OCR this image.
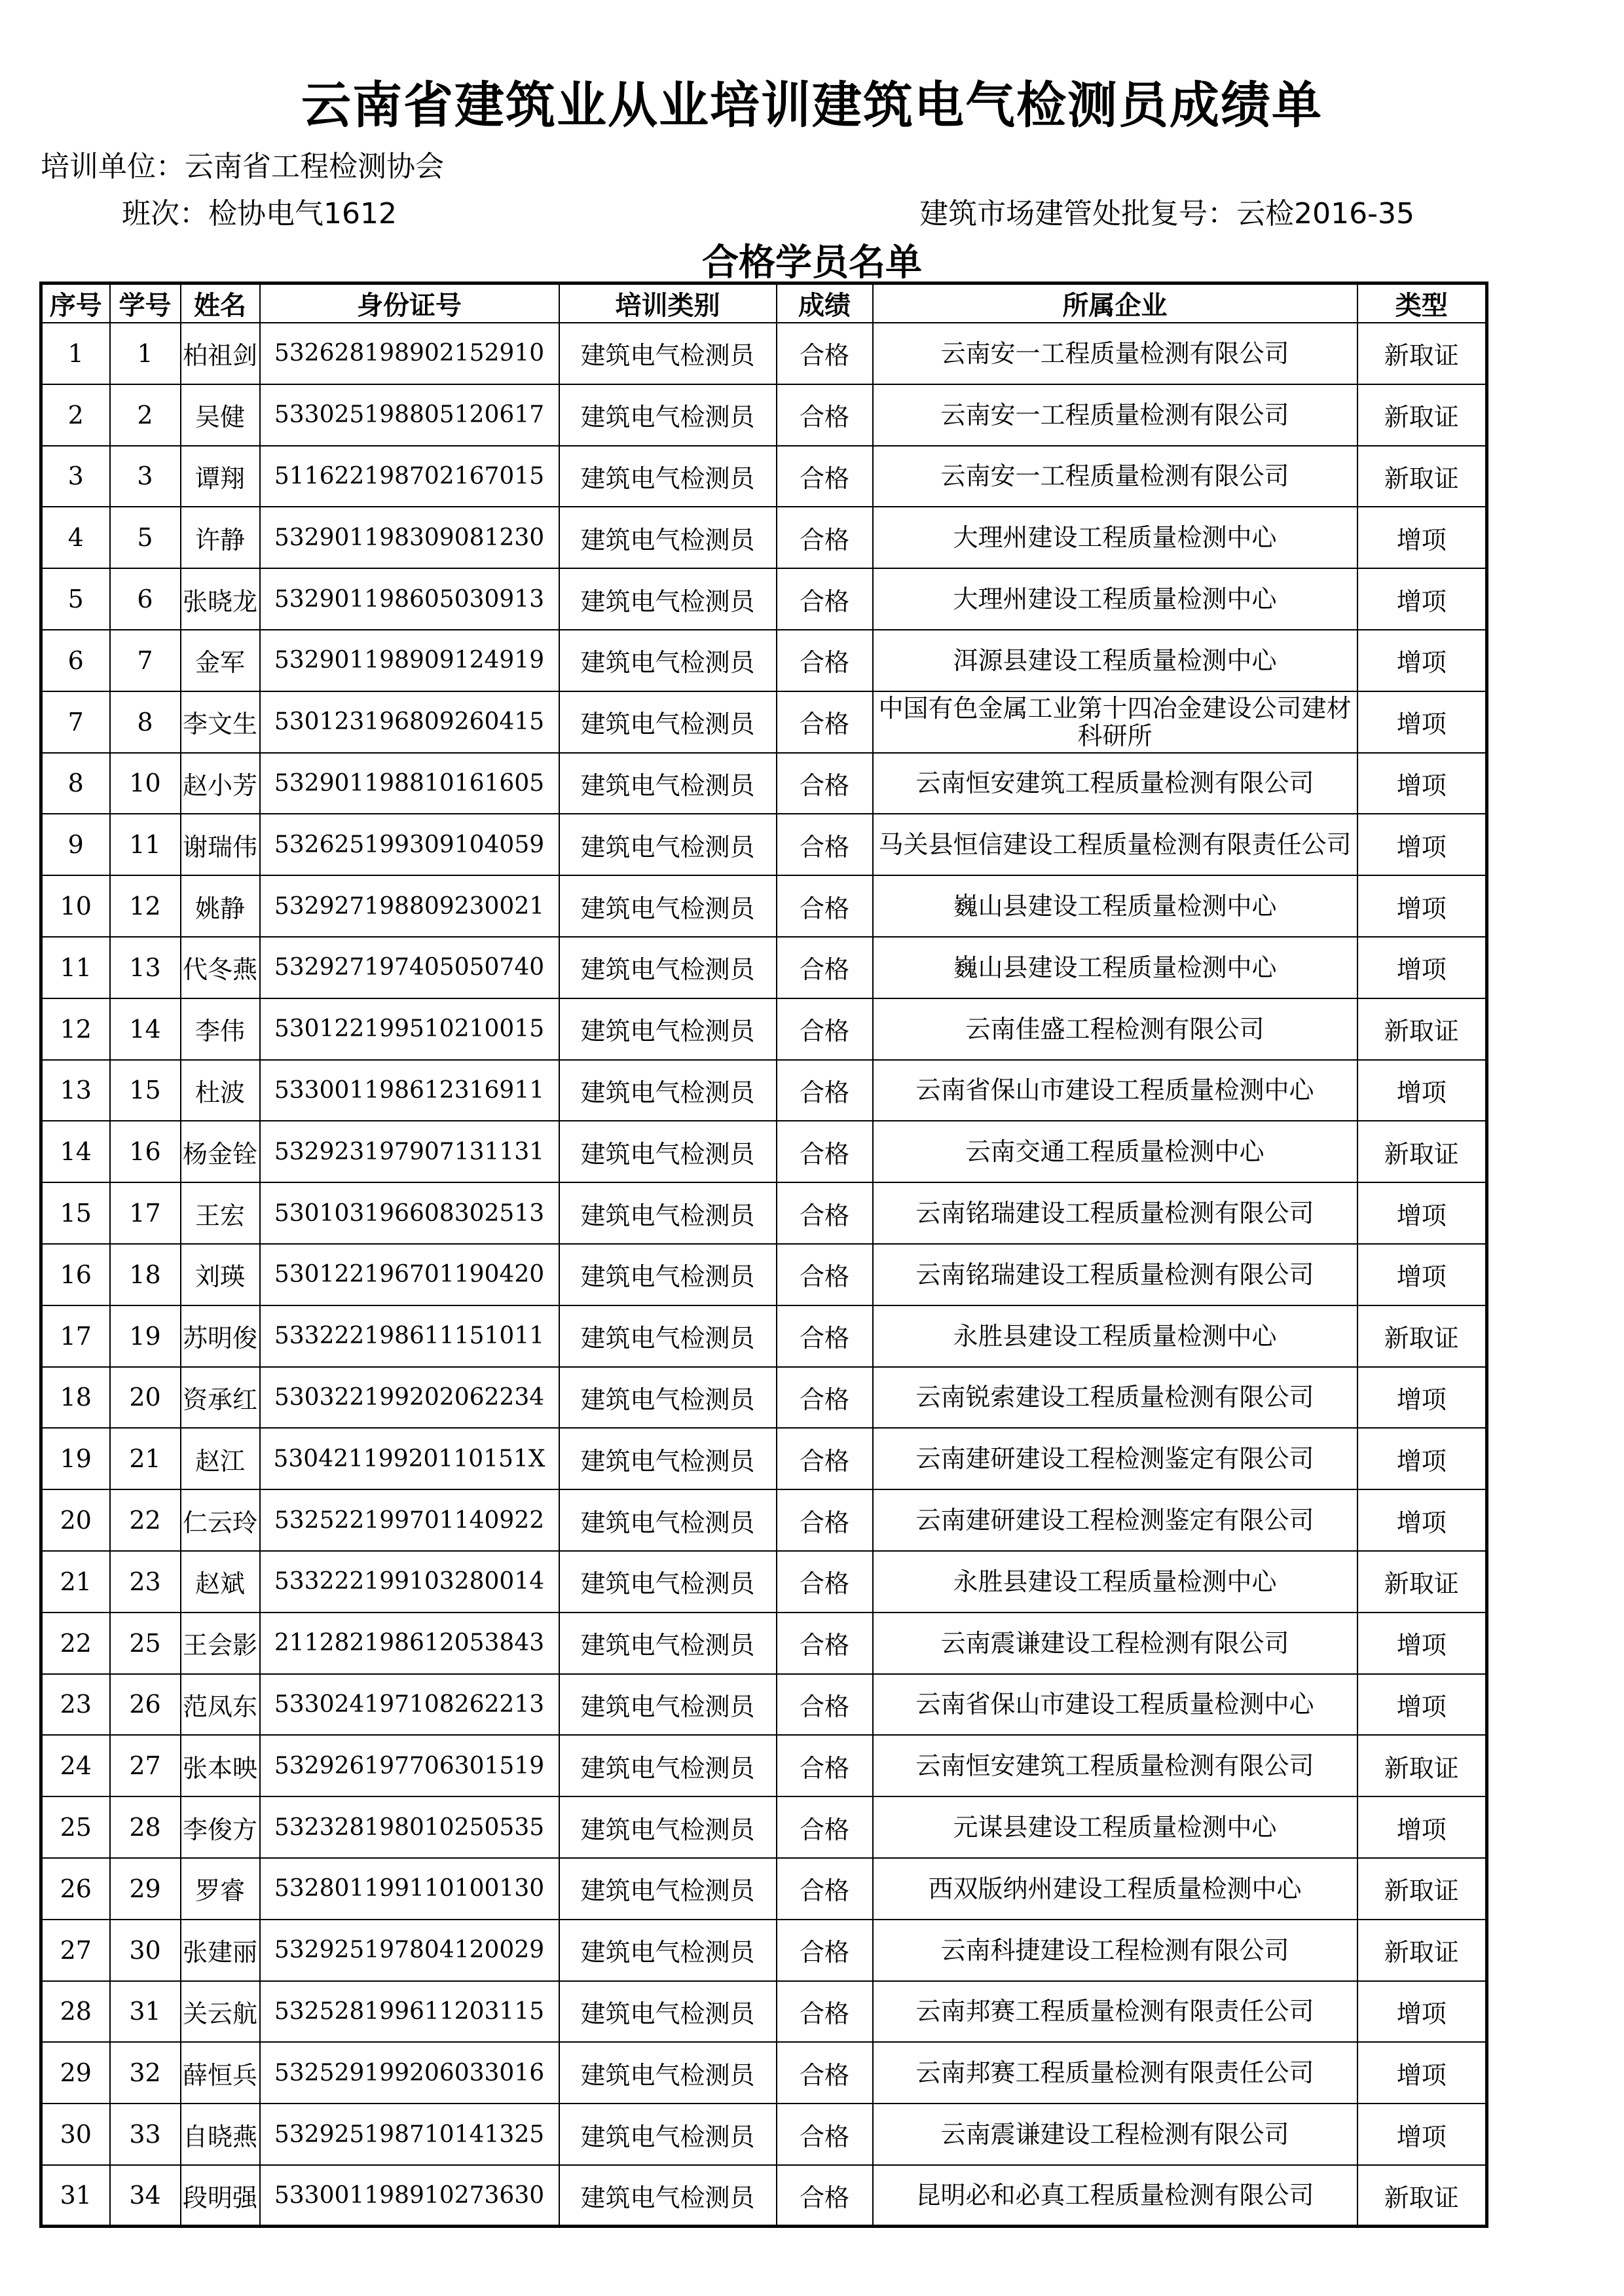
云南省建筑业从业培训建筑电气检测员成绩单
培训单位：云南省工程检测协会
班次：检协电气1612	建筑市场建管处批复号：云检2016-35
合格学员名单
序号	学号	姓名	身份证号	培训类别	成绩	所属企业	类型
1	1	柏祖剑	532628198902152910	建筑电气检测员	合格	云南安一工程质量检测有限公司	新取证
2	2	吴健	533025198805120617	建筑电气检测员	合格	云南安一工程质量检测有限公司	新取证
3	3	谭翔	511622198702167015	建筑电气检测员	合格	云南安一工程质量检测有限公司	新取证
4	5	许静	532901198309081230	建筑电气检测员	合格	大理州建设工程质量检测中心	增项
5	6	张晓龙	532901198605030913	建筑电气检测员	合格	大理州建设工程质量检测中心	增项
6	7	金军	532901198909124919	建筑电气检测员	合格	洱源县建设工程质量检测中心	增项
7	8	李文生	530123196809260415	建筑电气检测员	合格	中国有色金属工业第十四冶金建设公司建材科研所	增项
8	10	赵小芳	532901198810161605	建筑电气检测员	合格	云南恒安建筑工程质量检测有限公司	增项
9	11	谢瑞伟	532625199309104059	建筑电气检测员	合格	马关县恒信建设工程质量检测有限责任公司	增项
10	12	姚静	532927198809230021	建筑电气检测员	合格	巍山县建设工程质量检测中心	增项
11	13	代冬燕	532927197405050740	建筑电气检测员	合格	巍山县建设工程质量检测中心	增项
12	14	李伟	530122199510210015	建筑电气检测员	合格	云南佳盛工程检测有限公司	新取证
13	15	杜波	533001198612316911	建筑电气检测员	合格	云南省保山市建设工程质量检测中心	增项
14	16	杨金铨	532923197907131131	建筑电气检测员	合格	云南交通工程质量检测中心	新取证
15	17	王宏	530103196608302513	建筑电气检测员	合格	云南铭瑞建设工程质量检测有限公司	增项
16	18	刘瑛	530122196701190420	建筑电气检测员	合格	云南铭瑞建设工程质量检测有限公司	增项
17	19	苏明俊	533222198611151011	建筑电气检测员	合格	永胜县建设工程质量检测中心	新取证
18	20	资承红	530322199202062234	建筑电气检测员	合格	云南锐索建设工程质量检测有限公司	增项
19	21	赵江	53042119920110151X	建筑电气检测员	合格	云南建研建设工程检测鉴定有限公司	增项
20	22	仁云玲	532522199701140922	建筑电气检测员	合格	云南建研建设工程检测鉴定有限公司	增项
21	23	赵斌	533222199103280014	建筑电气检测员	合格	永胜县建设工程质量检测中心	新取证
22	25	王会影	211282198612053843	建筑电气检测员	合格	云南震谦建设工程检测有限公司	增项
23	26	范凤东	533024197108262213	建筑电气检测员	合格	云南省保山市建设工程质量检测中心	增项
24	27	张本映	532926197706301519	建筑电气检测员	合格	云南恒安建筑工程质量检测有限公司	新取证
25	28	李俊方	532328198010250535	建筑电气检测员	合格	元谋县建设工程质量检测中心	增项
26	29	罗睿	532801199110100130	建筑电气检测员	合格	西双版纳州建设工程质量检测中心	新取证
27	30	张建丽	532925197804120029	建筑电气检测员	合格	云南科捷建设工程检测有限公司	新取证
28	31	关云航	532528199611203115	建筑电气检测员	合格	云南邦赛工程质量检测有限责任公司	增项
29	32	薛恒兵	532529199206033016	建筑电气检测员	合格	云南邦赛工程质量检测有限责任公司	增项
30	33	自晓燕	532925198710141325	建筑电气检测员	合格	云南震谦建设工程检测有限公司	增项
31	34	段明强	533001198910273630	建筑电气检测员	合格	昆明必和必真工程质量检测有限公司	新取证
